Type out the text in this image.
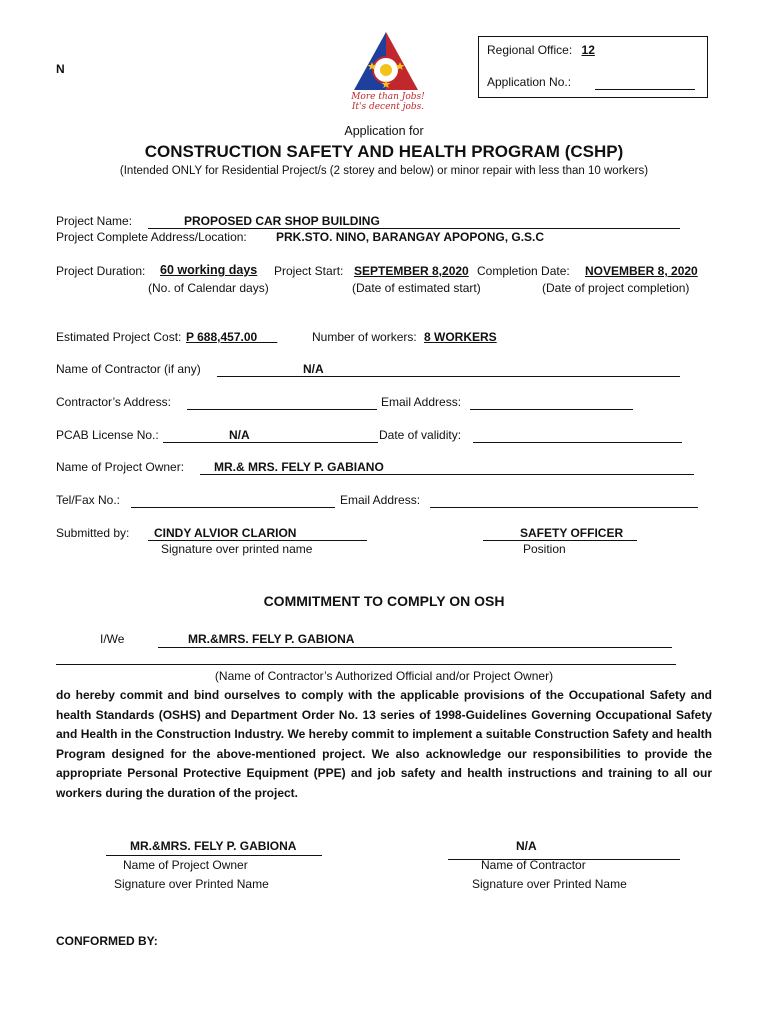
N
More than Jobs!
It's decent jobs.
Regional Office: 12
Application No.:
Application for
CONSTRUCTION SAFETY AND HEALTH PROGRAM (CSHP)
(Intended ONLY for Residential Project/s (2 storey and below) or minor repair with less than 10 workers)
Project Name:	PROPOSED CAR SHOP BUILDING
Project Complete Address/Location: PRK.STO. NINO, BARANGAY APOPONG, G.S.C
Project Duration: 60 working days Project Start: SEPTEMBER 8,2020 Completion Date: NOVEMBER 8, 2020
(No. of Calendar days)	(Date of estimated start)	(Date of project completion)
Estimated Project Cost: P 688,457.00___	Number of workers: 8 WORKERS
Name of Contractor (if any)	N/A
Contractor’s Address:	Email Address:
PCAB License No.:	N/A	Date of validity:
Name of Project Owner: MR.& MRS. FELY P. GABIANO
Tel/Fax No.:	Email Address:
Submitted by: CINDY ALVIOR CLARION
Signature over printed name
SAFETY OFFICER
Position
COMMITMENT TO COMPLY ON OSH
I/We	MR.&MRS. FELY P. GABIONA
(Name of Contractor’s Authorized Official and/or Project Owner)
do hereby commit and bind ourselves to comply with the applicable provisions of the Occupational Safety and health Standards (OSHS) and Department Order No. 13 series of 1998-Guidelines Governing Occupational Safety and Health in the Construction Industry. We hereby commit to implement a suitable Construction Safety and health Program designed for the above-mentioned project. We also acknowledge our responsibilities to provide the appropriate Personal Protective Equipment (PPE) and job safety and health instructions and training to all our workers during the duration of the project.
MR.&MRS. FELY P. GABIONA
Name of Project Owner
Signature over Printed Name
N/A
Name of Contractor
Signature over Printed Name
CONFORMED BY:
